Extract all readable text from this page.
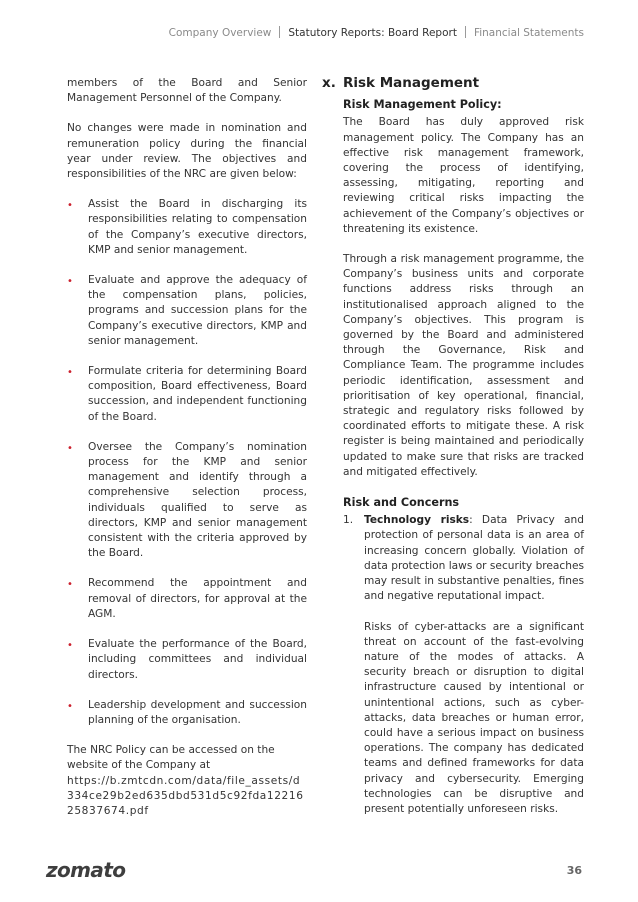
Company Overview Statutory Reports: Board Report Financial Statements

members of the Board and Senior Management Personnel of the Company.

No changes were made in nomination and remuneration policy during the financial year under review. The objectives and responsibilities of the NRC are given below:

• Assist the Board in discharging its responsibilities relating to compensation of the Company’s executive directors, KMP and senior management.
• Evaluate and approve the adequacy of the compensation plans, policies, programs and succession plans for the Company’s executive directors, KMP and senior management.
• Formulate criteria for determining Board composition, Board effectiveness, Board succession, and independent functioning of the Board.
• Oversee the Company’s nomination process for the KMP and senior management and identify through a comprehensive selection process, individuals qualified to serve as directors, KMP and senior management consistent with the criteria approved by the Board.
• Recommend the appointment and removal of directors, for approval at the AGM.
• Evaluate the performance of the Board, including committees and individual directors.
• Leadership development and succession planning of the organisation.

The NRC Policy can be accessed on the website of the Company at

https://b.zmtcdn.com/data/file_assets/d334ce29b2ed635dbd531d5c92fda1221625837674.pdf

x. Risk Management
Risk Management Policy:

The Board has duly approved risk management policy. The Company has an effective risk management framework, covering the process of identifying, assessing, mitigating, reporting and reviewing critical risks impacting the achievement of the Company’s objectives or threatening its existence.

Through a risk management programme, the Company’s business units and corporate functions address risks through an institutionalised approach aligned to the Company’s objectives. This program is governed by the Board and administered through the Governance, Risk and Compliance Team. The programme includes periodic identification, assessment and prioritisation of key operational, financial, strategic and regulatory risks followed by coordinated efforts to mitigate these. A risk register is being maintained and periodically updated to make sure that risks are tracked and mitigated effectively.

Risk and Concerns
1.	Technology risks: Data Privacy and protection of personal data is an area of increasing concern globally. Violation of data protection laws or security breaches may result in substantive penalties, fines and negative reputational impact.

Risks of cyber-attacks are a significant threat on account of the fast-evolving nature of the modes of attacks. A security breach or disruption to digital infrastructure caused by intentional or unintentional actions, such as cyber-attacks, data breaches or human error, could have a serious impact on business operations. The company has dedicated teams and defined frameworks for data privacy and cybersecurity. Emerging technologies can be disruptive and present potentially unforeseen risks.

zomato	36
